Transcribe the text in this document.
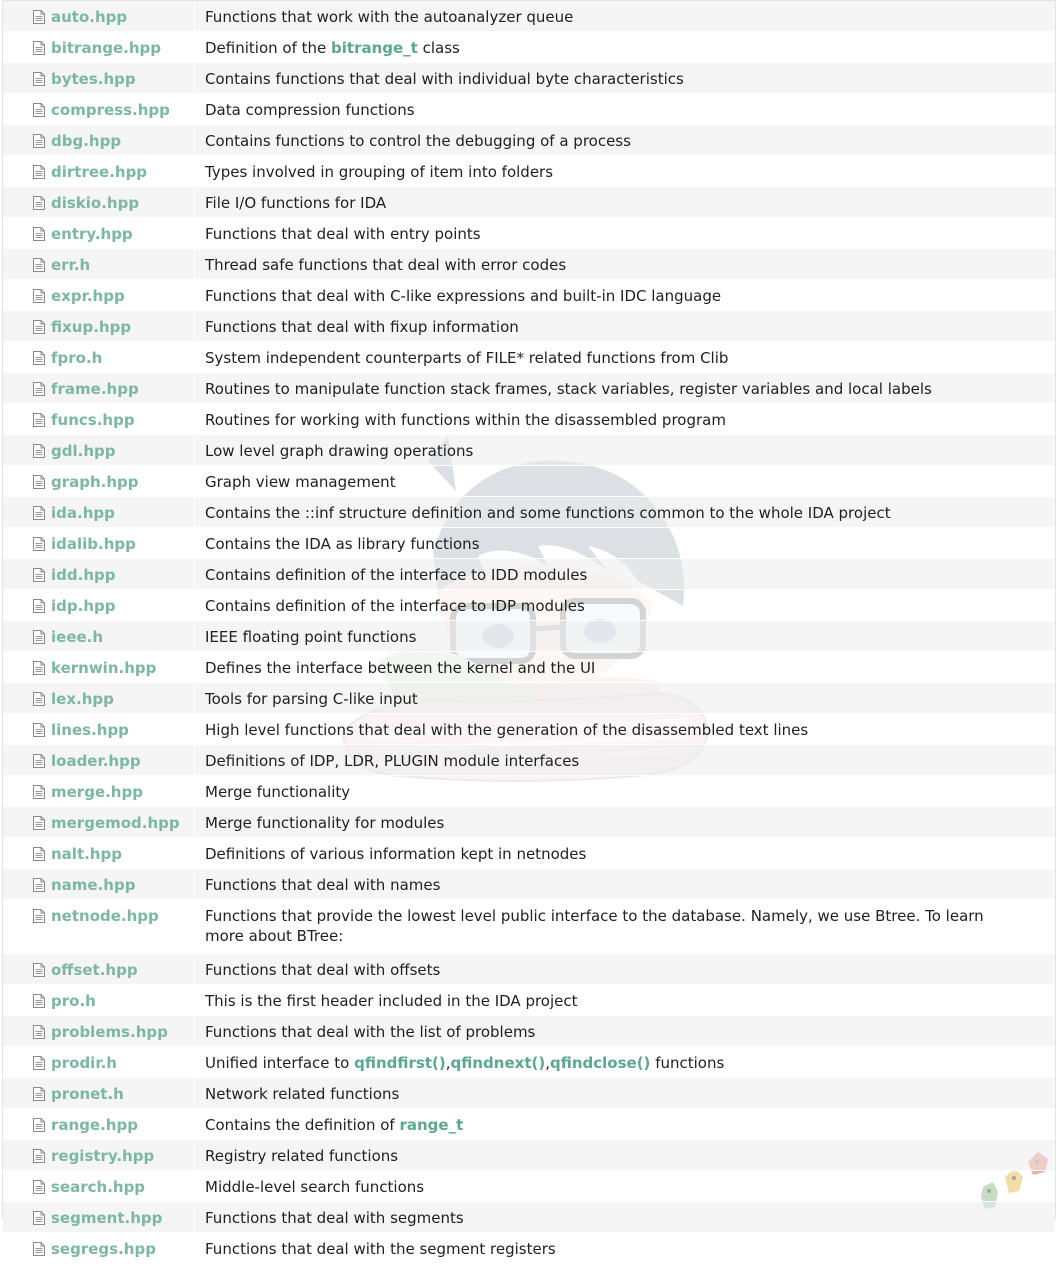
auto.hpp	Functions that work with the autoanalyzer queue

bitrange.hpp	Definition of the bitrange_t class

bytes.hpp	Contains functions that deal with individual byte characteristics

compress.hpp	Data compression functions

dbg.hpp	Contains functions to control the debugging of a process

dirtree.hpp	Types involved in grouping of item into folders

diskio.hpp	File I/O functions for IDA

entry.hpp	Functions that deal with entry points

err.h	Thread safe functions that deal with error codes

expr.hpp	Functions that deal with C-like expressions and built-in IDC language

fixup.hpp	Functions that deal with fixup information

fpro.h	System independent counterparts of FILE* related functions from Clib

frame.hpp	Routines to manipulate function stack frames, stack variables, register variables and local labels

funcs.hpp	Routines for working with functions within the disassembled program

gdl.hpp	Low level graph drawing operations

graph.hpp	Graph view management

ida.hpp	Contains the ::inf structure definition and some functions common to the whole IDA project

idalib.hpp	Contains the IDA as library functions

idd.hpp	Contains definition of the interface to IDD modules

idp.hpp	Contains definition of the interface to IDP modules

ieee.h	IEEE floating point functions

kernwin.hpp	Defines the interface between the kernel and the UI

lex.hpp	Tools for parsing C-like input

lines.hpp	High level functions that deal with the generation of the disassembled text lines

loader.hpp	Definitions of IDP, LDR, PLUGIN module interfaces

merge.hpp	Merge functionality

mergemod.hpp	Merge functionality for modules

nalt.hpp	Definitions of various information kept in netnodes

name.hpp	Functions that deal with names

netnode.hpp	Functions that provide the lowest level public interface to the database. Namely, we use Btree. To learn more about BTree:

offset.hpp	Functions that deal with offsets

pro.h	This is the first header included in the IDA project

problems.hpp	Functions that deal with the list of problems

prodir.h	Unified interface to qfindfirst(),qfindnext(),qfindclose() functions

pronet.h	Network related functions

range.hpp	Contains the definition of range_t

registry.hpp	Registry related functions

search.hpp	Middle-level search functions

segment.hpp	Functions that deal with segments

segregs.hpp	Functions that deal with the segment registers
